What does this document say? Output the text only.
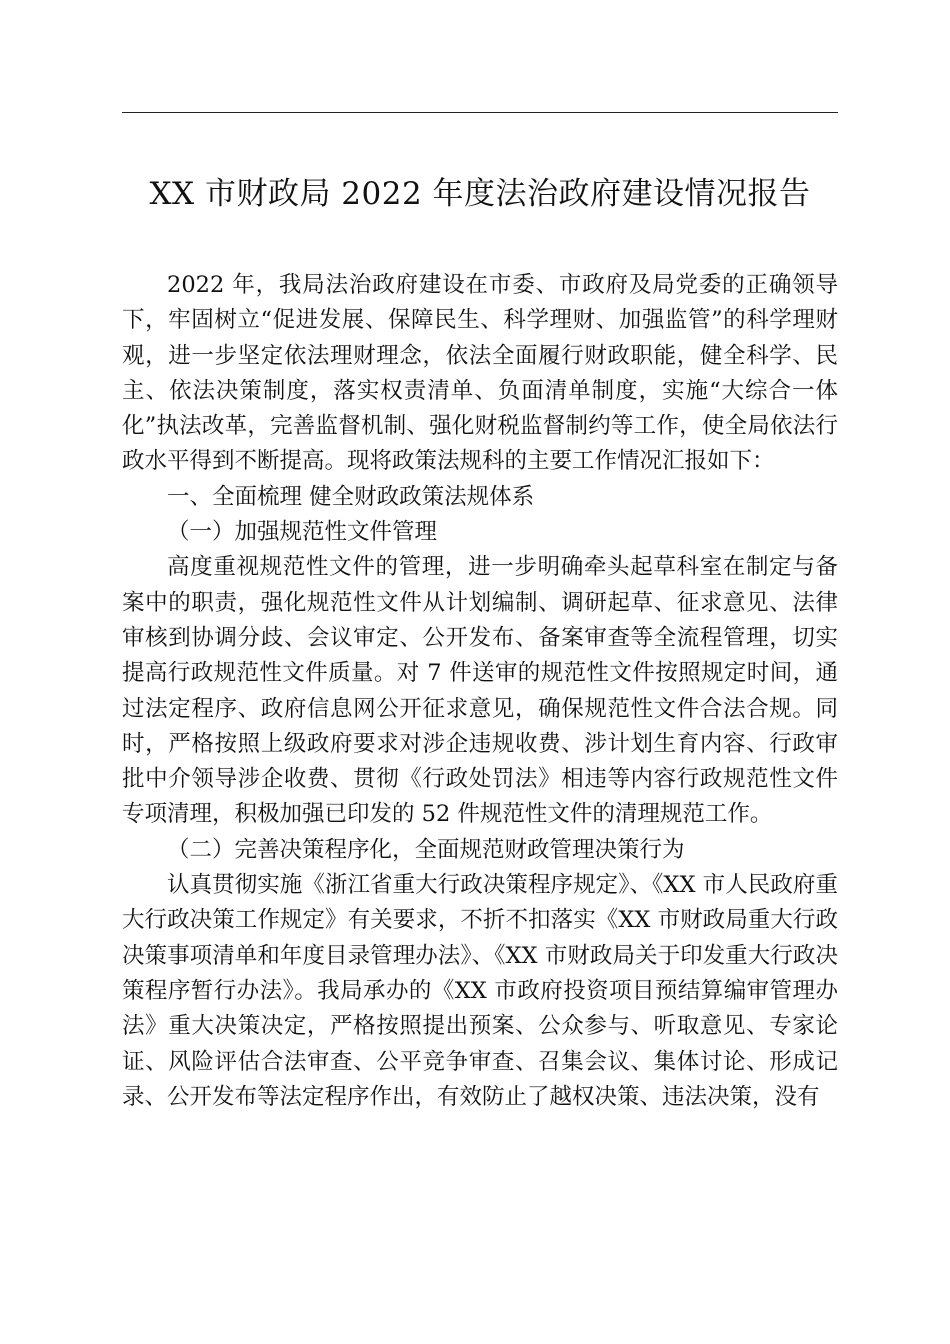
XX 市财政局 2022 年度法治政府建设情况报告

2022 年，我局法治政府建设在市委、市政府及局党委的正确领导下，牢固树立“促进发展、保障民生、科学理财、加强监管”的科学理财观，进一步坚定依法理财理念，依法全面履行财政职能，健全科学、民主、依法决策制度，落实权责清单、负面清单制度，实施“大综合一体化”执法改革，完善监督机制、强化财税监督制约等工作，使全局依法行政水平得到不断提高。现将政策法规科的主要工作情况汇报如下：

一、全面梳理 健全财政政策法规体系

（一）加强规范性文件管理

高度重视规范性文件的管理，进一步明确牵头起草科室在制定与备案中的职责，强化规范性文件从计划编制、调研起草、征求意见、法律审核到协调分歧、会议审定、公开发布、备案审查等全流程管理，切实提高行政规范性文件质量。对 7 件送审的规范性文件按照规定时间，通过法定程序、政府信息网公开征求意见，确保规范性文件合法合规。同时，严格按照上级政府要求对涉企违规收费、涉计划生育内容、行政审批中介领导涉企收费、贯彻《行政处罚法》相违等内容行政规范性文件专项清理，积极加强已印发的 52 件规范性文件的清理规范工作。

（二）完善决策程序化，全面规范财政管理决策行为

认真贯彻实施《浙江省重大行政决策程序规定》、《XX 市人民政府重大行政决策工作规定》有关要求，不折不扣落实《XX 市财政局重大行政决策事项清单和年度目录管理办法》、《XX 市财政局关于印发重大行政决策程序暂行办法》。我局承办的《XX 市政府投资项目预结算编审管理办法》重大决策决定，严格按照提出预案、公众参与、听取意见、专家论证、风险评估合法审查、公平竞争审查、召集会议、集体讨论、形成记录、公开发布等法定程序作出，有效防止了越权决策、违法决策，没有
